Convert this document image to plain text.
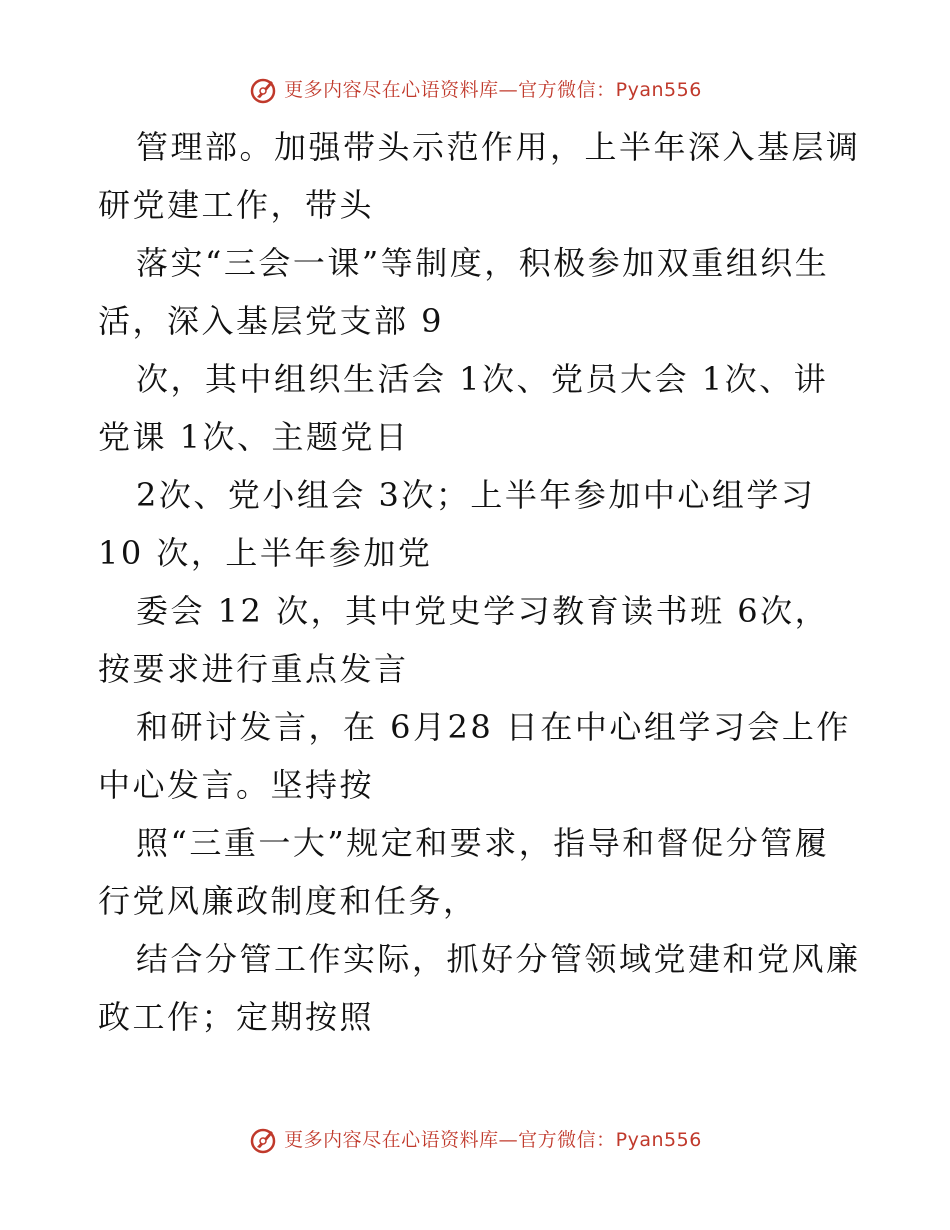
更多内容尽在心语资料库—官方微信：Pyan556

管理部。加强带头示范作用，上半年深入基层调
研党建工作，带头

落实“三会一课”等制度，积极参加双重组织生
活，深入基层党支部 9

次，其中组织生活会 1次、党员大会 1次、讲
党课 1次、主题党日

2次、党小组会 3次；上半年参加中心组学习
10 次，上半年参加党

委会 12 次，其中党史学习教育读书班 6次，
按要求进行重点发言

和研讨发言，在 6月28 日在中心组学习会上作
中心发言。坚持按

照“三重一大”规定和要求，指导和督促分管履
行党风廉政制度和任务，

结合分管工作实际，抓好分管领域党建和党风廉
政工作；定期按照

更多内容尽在心语资料库—官方微信：Pyan556
